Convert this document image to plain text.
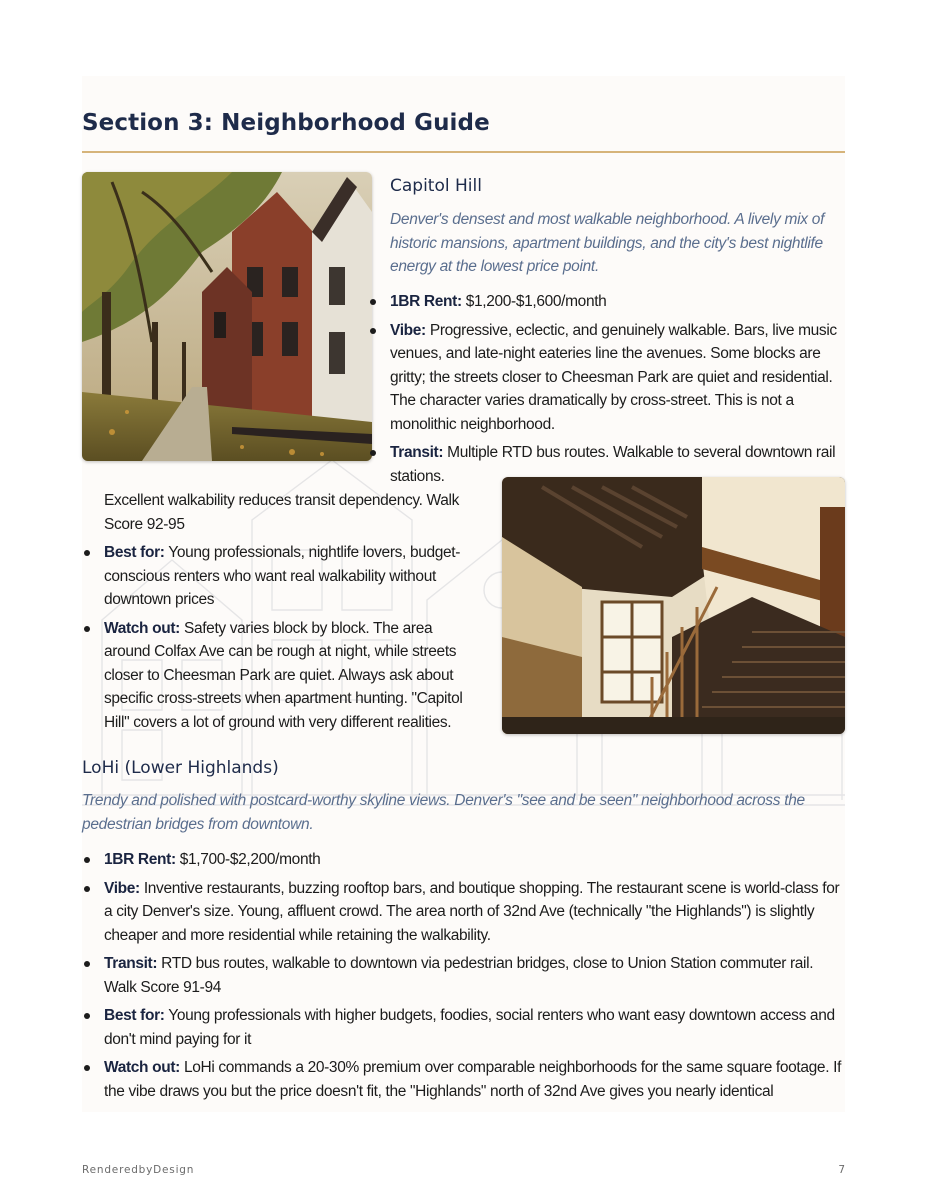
Section 3: Neighborhood Guide
Capitol Hill

Denver's densest and most walkable neighborhood. A lively mix of historic mansions, apartment buildings, and the city's best nightlife energy at the lowest price point.

1BR Rent: $1,200-$1,600/month
Vibe: Progressive, eclectic, and genuinely walkable. Bars, live music venues, and late-night eateries line the avenues. Some blocks are gritty; the streets closer to Cheesman Park are quiet and residential. The character varies dramatically by cross-street. This is not a monolithic neighborhood.
Transit: Multiple RTD bus routes. Walkable to several downtown rail stations.

Excellent walkability reduces transit dependency. Walk Score 92-95

Best for: Young professionals, nightlife lovers, budget-conscious renters who want real walkability without downtown prices
Watch out: Safety varies block by block. The area around Colfax Ave can be rough at night, while streets closer to Cheesman Park are quiet. Always ask about specific cross-streets when apartment hunting. "Capitol Hill" covers a lot of ground with very different realities.
LoHi (Lower Highlands)

Trendy and polished with postcard-worthy skyline views. Denver's "see and be seen" neighborhood across the pedestrian bridges from downtown.

1BR Rent: $1,700-$2,200/month
Vibe: Inventive restaurants, buzzing rooftop bars, and boutique shopping. The restaurant scene is world-class for a city Denver's size. Young, affluent crowd. The area north of 32nd Ave (technically "the Highlands") is slightly cheaper and more residential while retaining the walkability.
Transit: RTD bus routes, walkable to downtown via pedestrian bridges, close to Union Station commuter rail. Walk Score 91-94
Best for: Young professionals with higher budgets, foodies, social renters who want easy downtown access and don't mind paying for it
Watch out: LoHi commands a 20-30% premium over comparable neighborhoods for the same square footage. If the vibe draws you but the price doesn't fit, the "Highlands" north of 32nd Ave gives you nearly identical
RenderedbyDesign	7
